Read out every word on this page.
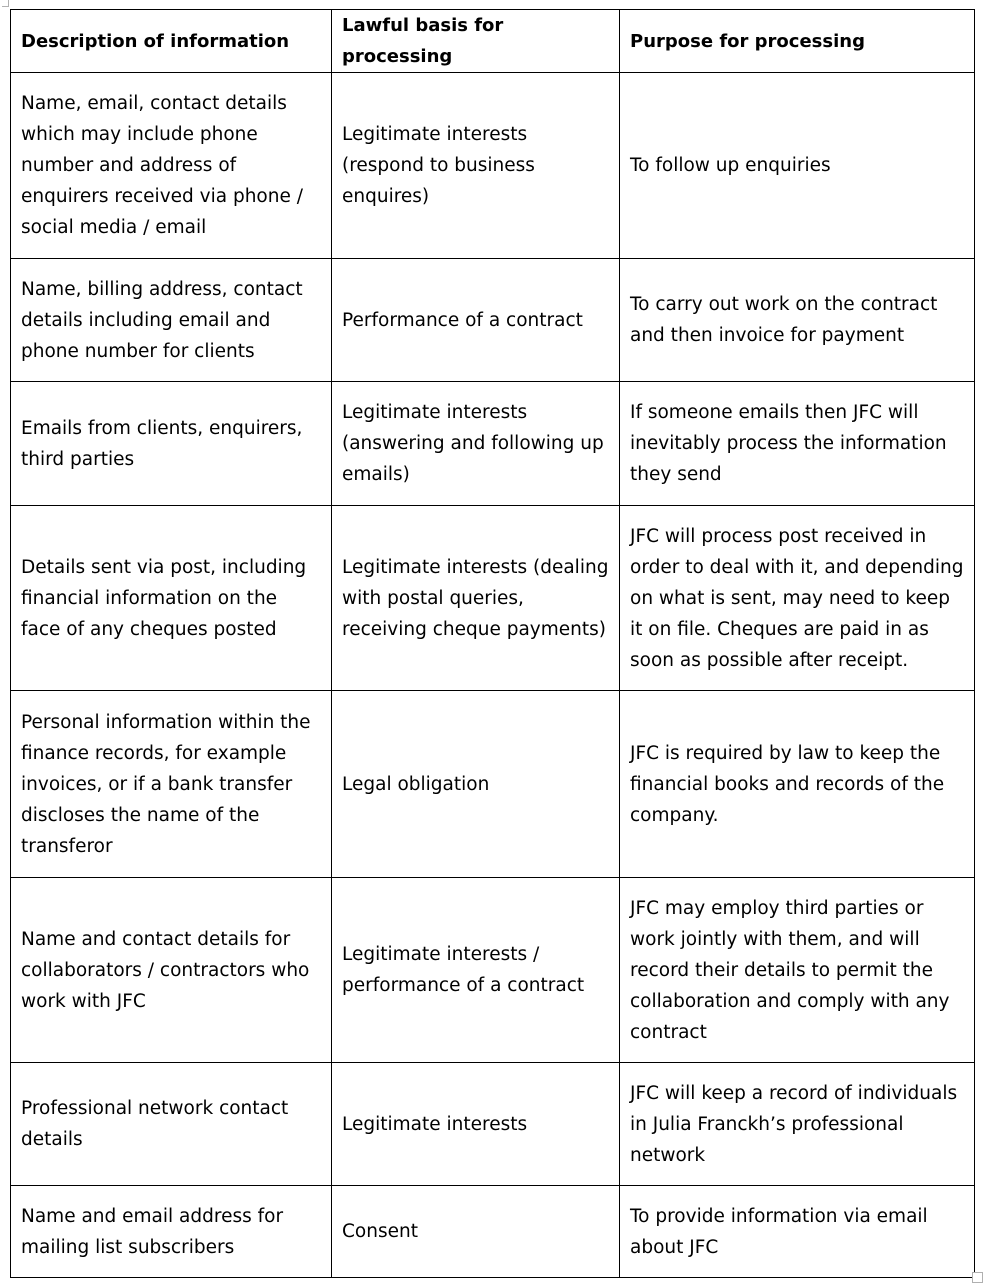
Description of information	Lawful basis for processing	Purpose for processing
Name, email, contact details which may include phone number and address of enquirers received via phone / social media / email	Legitimate interests (respond to business enquires)	To follow up enquiries
Name, billing address, contact details including email and phone number for clients	Performance of a contract	To carry out work on the contract and then invoice for payment
Emails from clients, enquirers, third parties	Legitimate interests (answering and following up emails)	If someone emails then JFC will inevitably process the information they send
Details sent via post, including financial information on the face of any cheques posted	Legitimate interests (dealing with postal queries, receiving cheque payments)	JFC will process post received in order to deal with it, and depending on what is sent, may need to keep it on file. Cheques are paid in as soon as possible after receipt.
Personal information within the finance records, for example invoices, or if a bank transfer discloses the name of the transferor	Legal obligation	JFC is required by law to keep the financial books and records of the company.
Name and contact details for collaborators / contractors who work with JFC	Legitimate interests / performance of a contract	JFC may employ third parties or work jointly with them, and will record their details to permit the collaboration and comply with any contract
Professional network contact details	Legitimate interests	JFC will keep a record of individuals in Julia Franckh’s professional network
Name and email address for mailing list subscribers	Consent	To provide information via email about JFC
